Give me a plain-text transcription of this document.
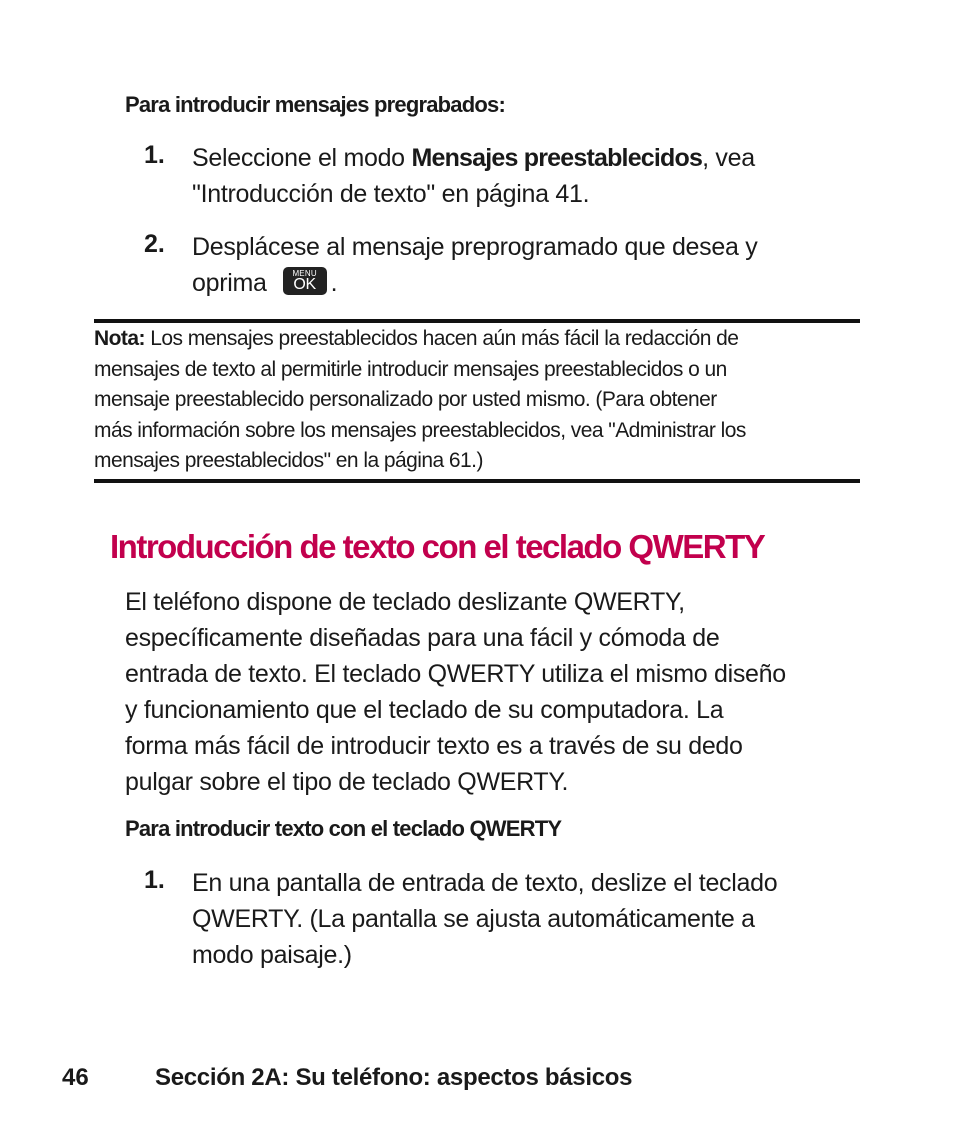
Para introducir mensajes pregrabados:
1. Seleccione el modo Mensajes preestablecidos, vea
"Introducción de texto" en página 41.
2. Desplácese al mensaje preprogramado que desea y
oprima	MENU
OK .
Nota: Los mensajes preestablecidos hacen aún más fácil la redacción de
mensajes de texto al permitirle introducir mensajes preestablecidos o un
mensaje preestablecido personalizado por usted mismo. (Para obtener
más información sobre los mensajes preestablecidos, vea "Administrar los
mensajes preestablecidos" en la página 61.)
Introducción de texto con el teclado QWERTY
El teléfono dispone de teclado deslizante QWERTY,
específicamente diseñadas para una fácil y cómoda de
entrada de texto. El teclado QWERTY utiliza el mismo diseño
y funcionamiento que el teclado de su computadora. La
forma más fácil de introducir texto es a través de su dedo
pulgar sobre el tipo de teclado QWERTY.
Para introducir texto con el teclado QWERTY
1. En una pantalla de entrada de texto, deslize el teclado
QWERTY. (La pantalla se ajusta automáticamente a
modo paisaje.)
46	Sección 2A: Su teléfono: aspectos básicos
